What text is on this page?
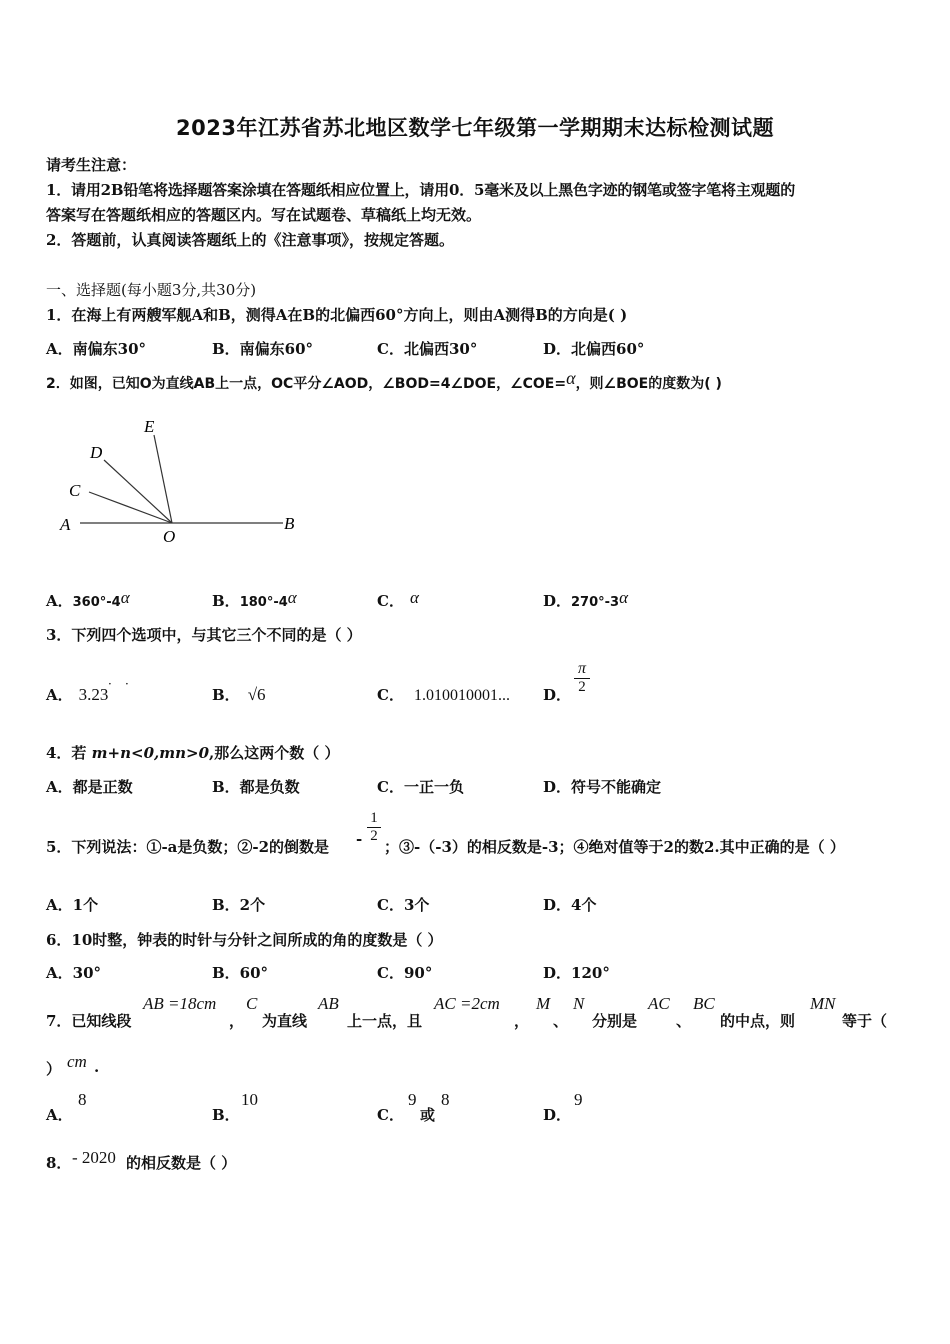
2023年江苏省苏北地区数学七年级第一学期期末达标检测试题
请考生注意：
1．请用2B铅笔将选择题答案涂填在答题纸相应位置上，请用0．5毫米及以上黑色字迹的钢笔或签字笔将主观题的
答案写在答题纸相应的答题区内。写在试题卷、草稿纸上均无效。
2．答题前，认真阅读答题纸上的《注意事项》，按规定答题。
一、选择题(每小题3分,共30分)
1．在海上有两艘军舰A和B，测得A在B的北偏西60°方向上，则由A测得B的方向是( )
A．南偏东30°	B．南偏东60°	C．北偏西30°	D．北偏西60°
2．如图，已知O为直线AB上一点，OC平分∠AOD，∠BOD=4∠DOE，∠COE=α，则∠BOE的度数为( )
E
D
C
A
O
B
A．360°-4α	B．180°-4α	C． α	D．270°-3α
3．下列四个选项中，与其它三个不同的是（ ）
A． 3.23
· ·
B． √6	C． 1.010010001... D． $\frac{\pi}{2}$
4．若 m+n<0,mn>0,那么这两个数（ ）
A．都是正数	B．都是负数	C．一正一负	D．符号不能确定
5．下列说法：①-a是负数；②-2的倒数是 - $\frac{1}{2}$
；③-（-3）的相反数是-3；④绝对值等于2的数2.其中正确的是（ ）
A．1个	B．2个	C．3个	D．4个
6．10时整，钟表的时针与分针之间所成的角的度数是（ ）
A．30°	B．60°	C．90°	D．120°
7．已知线段
AB =18cm
，
C
为直线
AB
上一点，且
AC =2cm
，
M
、
N
分别是
AC
、
BC
的中点，则
MN
等于（
） cm .
A．
8
B．
10
C．
9
或
8
D．
9
8． - 2020 的相反数是（ ）
